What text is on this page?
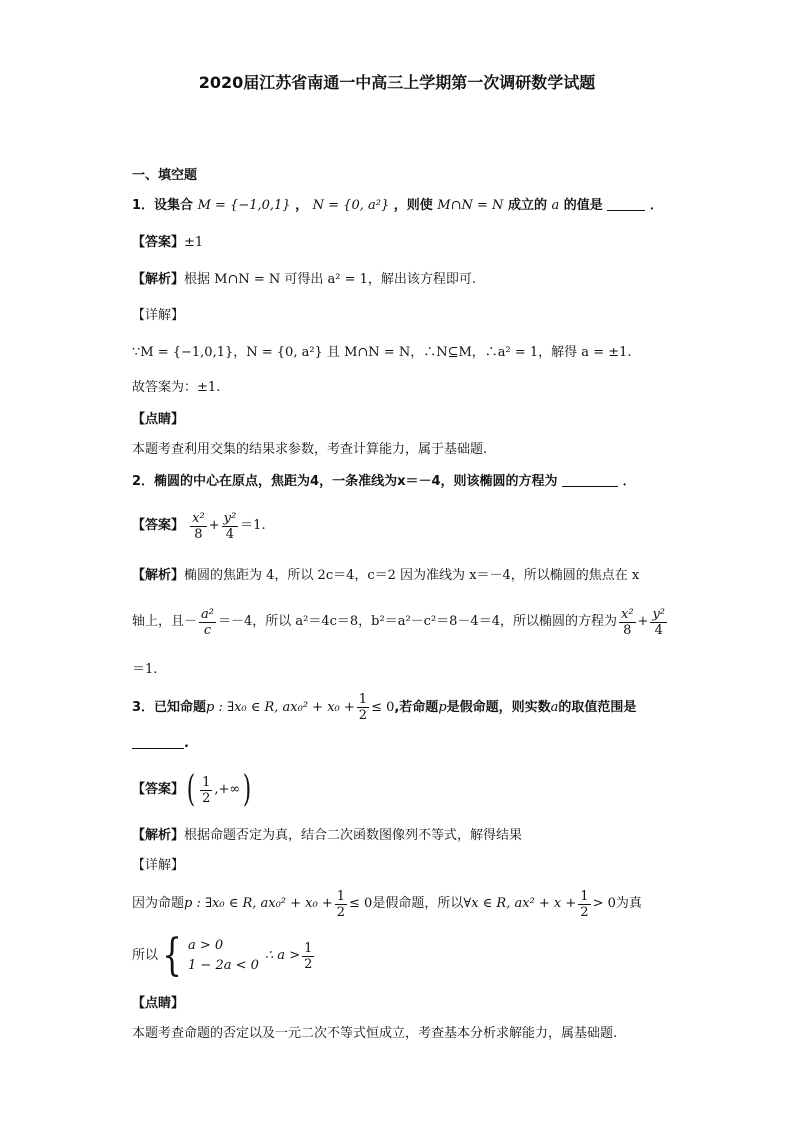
2020届江苏省南通一中高三上学期第一次调研数学试题
一、填空题
1．设集合 M = {−1,0,1} ， N = {0, a²} ，则使 M∩N = N 成立的 a 的值是	．
【答案】±1
【解析】根据 M∩N = N 可得出 a² = 1，解出该方程即可.
【详解】
∵M = {−1,0,1}，N = {0, a²} 且 M∩N = N，∴N⊆M，∴a² = 1，解得 a = ±1.
故答案为：±1.
【点睛】
本题考查利用交集的结果求参数，考查计算能力，属于基础题.
2．椭圆的中心在原点，焦距为4，一条准线为x＝－4，则该椭圆的方程为	．
【答案】 $\frac{\text{x²}}{8} + \frac{\text{y²}}{4} =1$.
【解析】椭圆的焦距为 4，所以 2c＝4，c＝2 因为准线为 x＝－4，所以椭圆的焦点在 x
轴上，且－ $\frac{\text{a²}}{c} =-4$，所以 a²＝4c＝8，b²＝a²－c²＝8－4＝4，所以椭圆的方程为 $\frac{\text{x²}}{8} + \frac{\text{y²}}{4}$
＝1.
3．已知命题p : ∃x₀ ∈ R, $ax_0^2 + x_0 + \frac{1}{2} \le 0$,若命题p是假命题，则实数a的取值范围是
.
【答案】( $\frac{1}{2}$ ,+∞)
【解析】根据命题否定为真，结合二次函数图像列不等式，解得结果
【详解】
因为命题p : ∃x₀ ∈ R, $ax_0^2 + x_0 + \frac{1}{2} \le 0$是假命题，所以∀x ∈ R, $ax^2 + x + \frac{1}{2} > 0$为真
所以 { a > 0
1 − 2a < 0
∴ $a > \frac{1}{2}$
【点睛】
本题考查命题的否定以及一元二次不等式恒成立，考查基本分析求解能力，属基础题.
